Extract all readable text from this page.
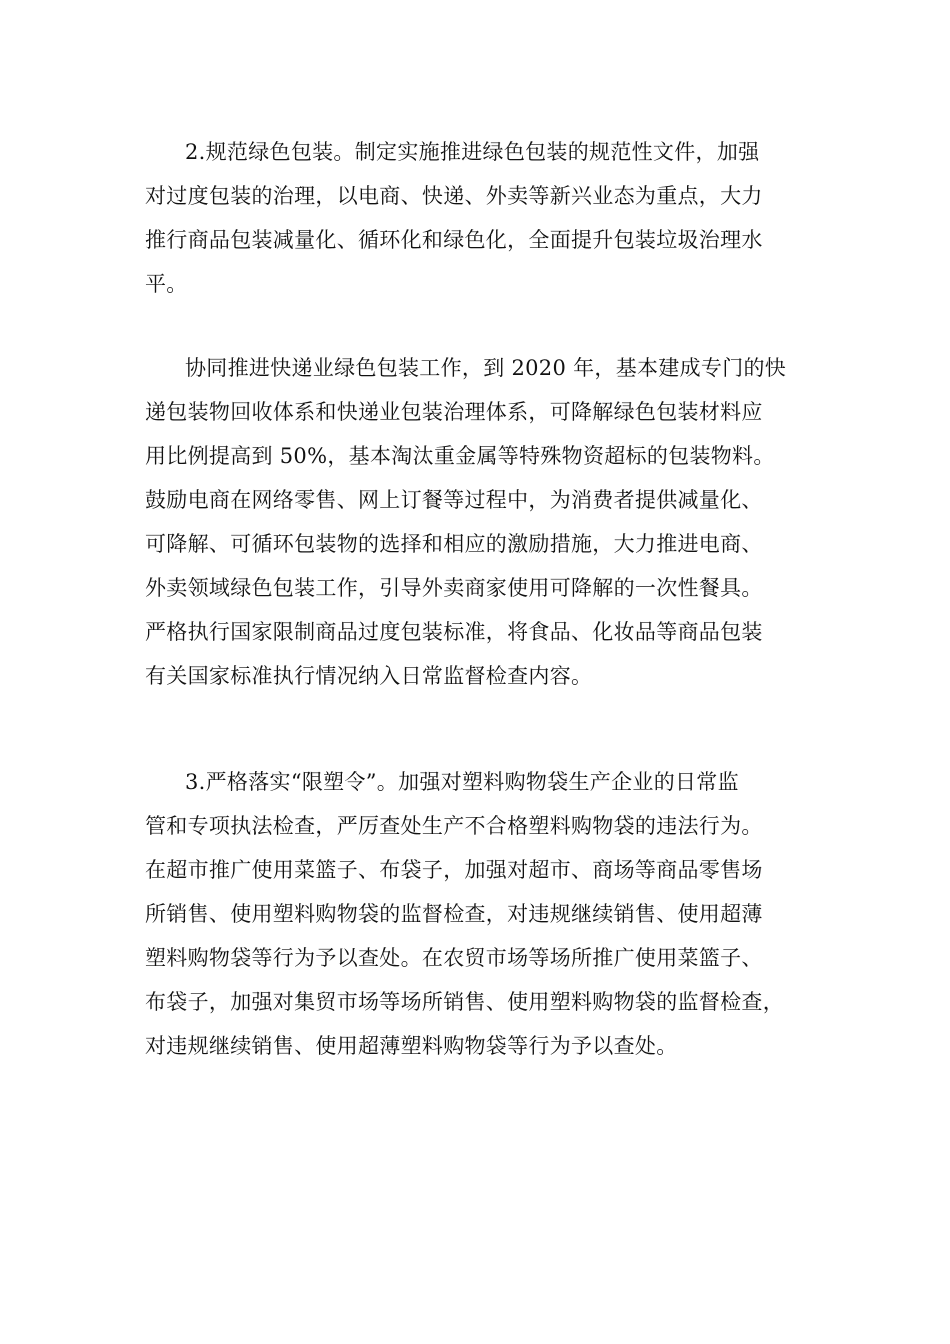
2.规范绿色包装。制定实施推进绿色包装的规范性文件，加强
对过度包装的治理，以电商、快递、外卖等新兴业态为重点，大力
推行商品包装减量化、循环化和绿色化，全面提升包装垃圾治理水
平。
协同推进快递业绿色包装工作，到 2020 年，基本建成专门的快
递包装物回收体系和快递业包装治理体系，可降解绿色包装材料应
用比例提高到 50%，基本淘汰重金属等特殊物资超标的包装物料。
鼓励电商在网络零售、网上订餐等过程中，为消费者提供减量化、
可降解、可循环包装物的选择和相应的激励措施，大力推进电商、
外卖领域绿色包装工作，引导外卖商家使用可降解的一次性餐具。
严格执行国家限制商品过度包装标准，将食品、化妆品等商品包装
有关国家标准执行情况纳入日常监督检查内容。
3.严格落实“限塑令”。加强对塑料购物袋生产企业的日常监
管和专项执法检查，严厉查处生产不合格塑料购物袋的违法行为。
在超市推广使用菜篮子、布袋子，加强对超市、商场等商品零售场
所销售、使用塑料购物袋的监督检查，对违规继续销售、使用超薄
塑料购物袋等行为予以查处。在农贸市场等场所推广使用菜篮子、
布袋子，加强对集贸市场等场所销售、使用塑料购物袋的监督检查，
对违规继续销售、使用超薄塑料购物袋等行为予以查处。
